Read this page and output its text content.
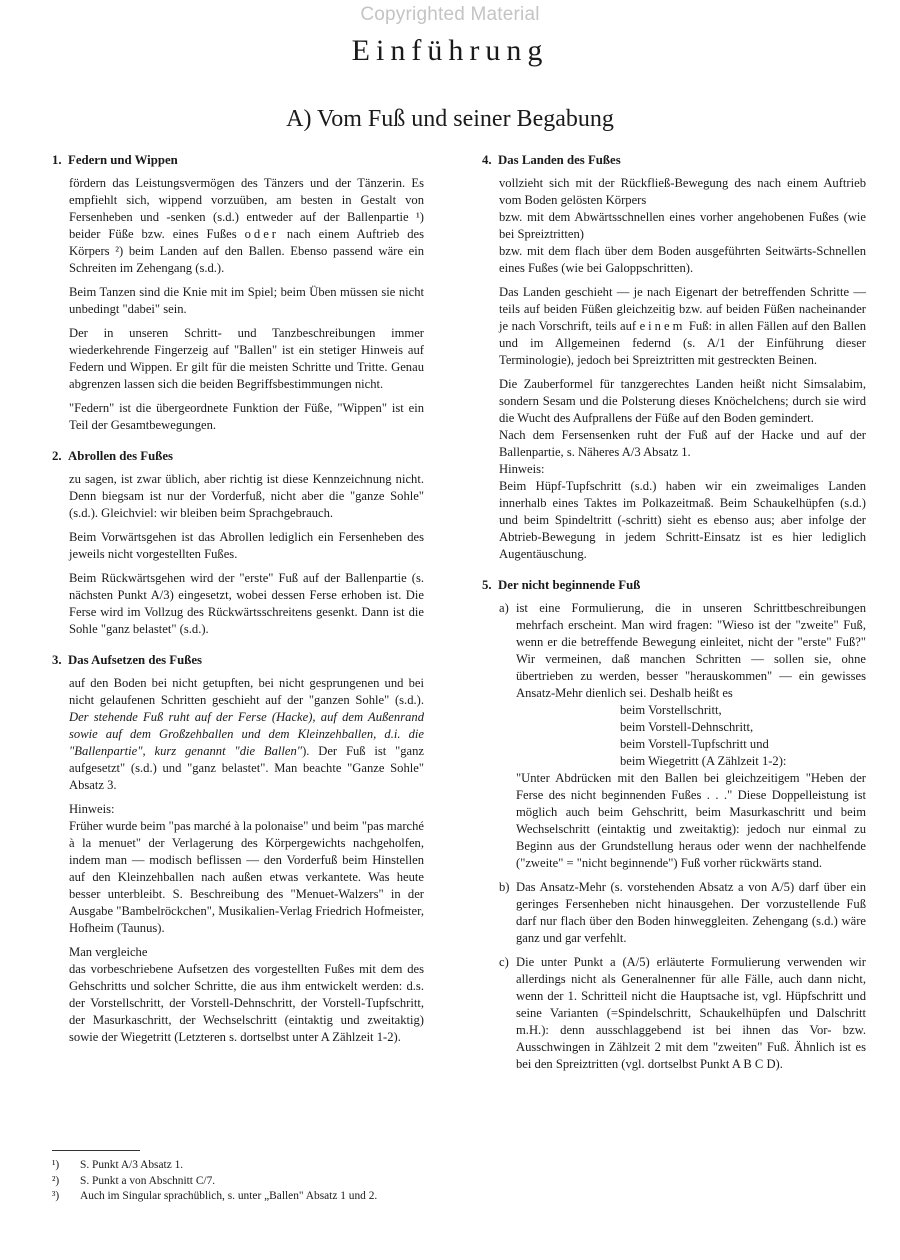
Copyrighted Material
Einführung
A) Vom Fuß und seiner Begabung
1. Federn und Wippen

fördern das Leistungsvermögen des Tänzers und der Tänzerin. Es empfiehlt sich, wippend vorzuüben, am besten in Gestalt von Fersenheben und -senken (s.d.) entweder auf der Ballenpartie ¹) beider Füße bzw. eines Fußes oder nach einem Auftrieb des Körpers ²) beim Landen auf den Ballen. Ebenso passend wäre ein Schreiten im Zehengang (s.d.).

Beim Tanzen sind die Knie mit im Spiel; beim Üben müssen sie nicht unbedingt "dabei" sein.

Der in unseren Schritt- und Tanzbeschreibungen immer wiederkehrende Fingerzeig auf "Ballen" ist ein stetiger Hinweis auf Federn und Wippen. Er gilt für die meisten Schritte und Tritte. Genau abgrenzen lassen sich die beiden Begriffsbestimmungen nicht.

"Federn" ist die übergeordnete Funktion der Füße, "Wippen" ist ein Teil der Gesamtbewegungen.

2. Abrollen des Fußes

zu sagen, ist zwar üblich, aber richtig ist diese Kennzeichnung nicht. Denn biegsam ist nur der Vorderfuß, nicht aber die "ganze Sohle" (s.d.). Gleichviel: wir bleiben beim Sprachgebrauch.

Beim Vorwärtsgehen ist das Abrollen lediglich ein Fersenheben des jeweils nicht vorgestellten Fußes.

Beim Rückwärtsgehen wird der "erste" Fuß auf der Ballenpartie (s. nächsten Punkt A/3) eingesetzt, wobei dessen Ferse erhoben ist. Die Ferse wird im Vollzug des Rückwärtsschreitens gesenkt. Dann ist die Sohle "ganz belastet" (s.d.).

3. Das Aufsetzen des Fußes

auf den Boden bei nicht getupften, bei nicht gesprungenen und bei nicht gelaufenen Schritten geschieht auf der "ganzen Sohle" (s.d.). Der stehende Fuß ruht auf der Ferse (Hacke), auf dem Außenrand sowie auf dem Großzehballen und dem Kleinzehballen, d.i. die "Ballenpartie", kurz genannt "die Ballen"). Der Fuß ist "ganz aufgesetzt" (s.d.) und "ganz belastet". Man beachte "Ganze Sohle" Absatz 3.

Hinweis:

Früher wurde beim "pas marché à la polonaise" und beim "pas marché à la menuet" der Verlagerung des Körpergewichts nachgeholfen, indem man — modisch beflissen — den Vorderfuß beim Hinstellen auf den Kleinzehballen nach außen etwas verkantete. Was heute besser unterbleibt. S. Beschreibung des "Menuet-Walzers" in der Ausgabe "Bambelröckchen", Musikalien-Verlag Friedrich Hofmeister, Hofheim (Taunus).

Man vergleiche

das vorbeschriebene Aufsetzen des vorgestellten Fußes mit dem des Gehschritts und solcher Schritte, die aus ihm entwickelt werden: d.s. der Vorstellschritt, der Vorstell-Dehnschritt, der Vorstell-Tupfschritt, der Masurkaschritt, der Wechselschritt (eintaktig und zweitaktig) sowie der Wiegetritt (Letzteren s. dortselbst unter A Zählzeit 1-2).

4. Das Landen des Fußes

vollzieht sich mit der Rückfließ-Bewegung des nach einem Auftrieb vom Boden gelösten Körpers

bzw. mit dem Abwärtsschnellen eines vorher angehobenen Fußes (wie bei Spreiztritten)

bzw. mit dem flach über dem Boden ausgeführten Seitwärts-Schnellen eines Fußes (wie bei Galoppschritten).

Das Landen geschieht — je nach Eigenart der betreffenden Schritte — teils auf beiden Füßen gleichzeitig bzw. auf beiden Füßen nacheinander je nach Vorschrift, teils auf einem Fuß: in allen Fällen auf den Ballen und im Allgemeinen federnd (s. A/1 der Einführung dieser Terminologie), jedoch bei Spreiztritten mit gestreckten Beinen.

Die Zauberformel für tanzgerechtes Landen heißt nicht Simsalabim, sondern Sesam und die Polsterung dieses Knöchelchens; durch sie wird die Wucht des Aufprallens der Füße auf den Boden gemindert.

Nach dem Fersensenken ruht der Fuß auf der Hacke und auf der Ballenpartie, s. Näheres A/3 Absatz 1.

Hinweis:

Beim Hüpf-Tupfschritt (s.d.) haben wir ein zweimaliges Landen innerhalb eines Taktes im Polkazeitmaß. Beim Schaukelhüpfen (s.d.) und beim Spindeltritt (-schritt) sieht es ebenso aus; aber infolge der Abtrieb-Bewegung in jedem Schritt-Einsatz ist es hier lediglich Augentäuschung.

5. Der nicht beginnende Fuß
a) ist eine Formulierung, die in unseren Schrittbeschreibungen mehrfach erscheint. Man wird fragen: "Wieso ist der "zweite" Fuß, wenn er die betreffende Bewegung einleitet, nicht der "erste" Fuß?" Wir vermeinen, daß manchen Schritten — sollen sie, ohne übertrieben zu werden, besser "herauskommen" — ein gewisses Ansatz-Mehr dienlich sei. Deshalb heißt es

beim Vorstellschritt,
beim Vorstell-Dehnschritt,
beim Vorstell-Tupfschritt und
beim Wiegetritt (A Zählzeit 1-2):

"Unter Abdrücken mit den Ballen bei gleichzeitigem "Heben der Ferse des nicht beginnenden Fußes . . ." Diese Doppelleistung ist möglich auch beim Gehschritt, beim Masurkaschritt und beim Wechselschritt (eintaktig und zweitaktig): jedoch nur einmal zu Beginn aus der Grundstellung heraus oder wenn der nachhelfende ("zweite" = "nicht beginnende") Fuß vorher rückwärts stand.

b) Das Ansatz-Mehr (s. vorstehenden Absatz a von A/5) darf über ein geringes Fersenheben nicht hinausgehen. Der vorzustellende Fuß darf nur flach über den Boden hinweggleiten. Zehengang (s.d.) wäre ganz und gar verfehlt.
c) Die unter Punkt a (A/5) erläuterte Formulierung verwenden wir allerdings nicht als Generalnenner für alle Fälle, auch dann nicht, wenn der 1. Schritteil nicht die Hauptsache ist, vgl. Hüpfschritt und seine Varianten (=Spindelschritt, Schaukelhüpfen und Dalschritt m.H.): denn ausschlaggebend ist bei ihnen das Vor- bzw. Ausschwingen in Zählzeit 2 mit dem "zweiten" Fuß. Ähnlich ist es bei den Spreiztritten (vgl. dortselbst Punkt A B C D).
¹)	S. Punkt A/3 Absatz 1.
²)	S. Punkt a von Abschnitt C/7.
³)	Auch im Singular sprachüblich, s. unter „Ballen" Absatz 1 und 2.
